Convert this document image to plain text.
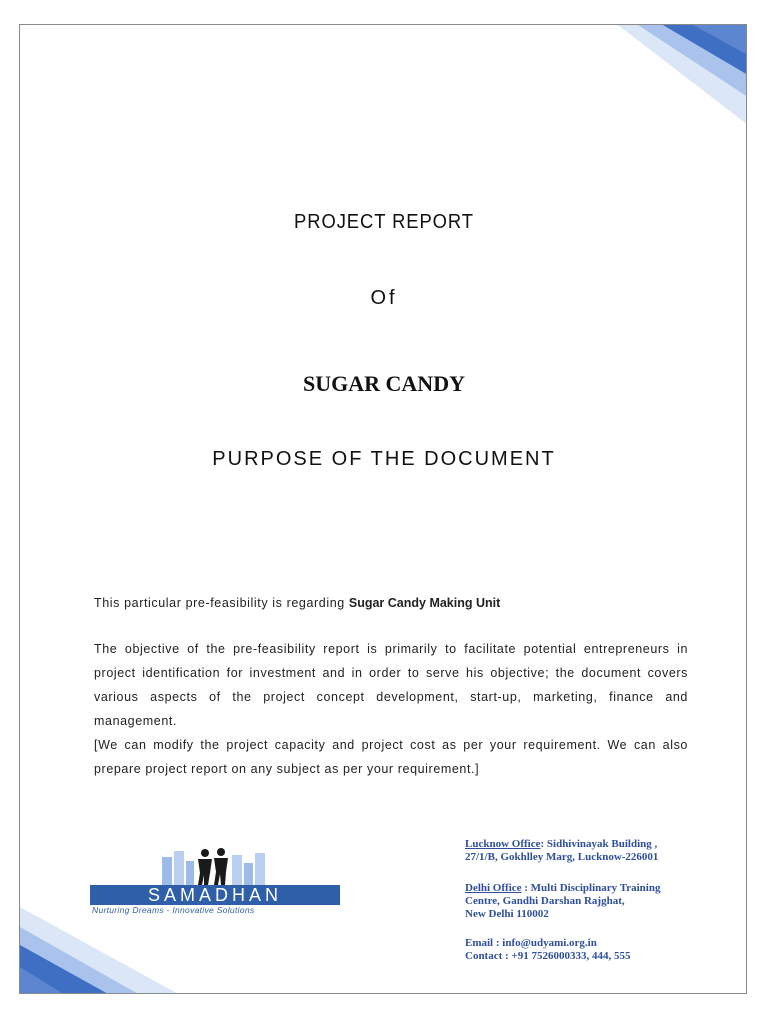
PROJECT REPORT
Of
SUGAR CANDY
PURPOSE OF THE DOCUMENT
This particular pre-feasibility is regarding Sugar Candy Making Unit
The objective of the pre-feasibility report is primarily to facilitate potential entrepreneurs in project identification for investment and in order to serve his objective; the document covers various aspects of the project concept development, start-up, marketing, finance and management.
[We can modify the project capacity and project cost as per your requirement. We can also prepare project report on any subject as per your requirement.]
SAMADHAN
Nurturing Dreams - Innovative Solutions
Lucknow Office: Sidhivinayak Building ,
27/1/B, Gokhlley Marg, Lucknow-226001
Delhi Office : Multi Disciplinary Training
Centre, Gandhi Darshan Rajghat,
New Delhi 110002
Email : info@udyami.org.in
Contact : +91 7526000333, 444, 555
